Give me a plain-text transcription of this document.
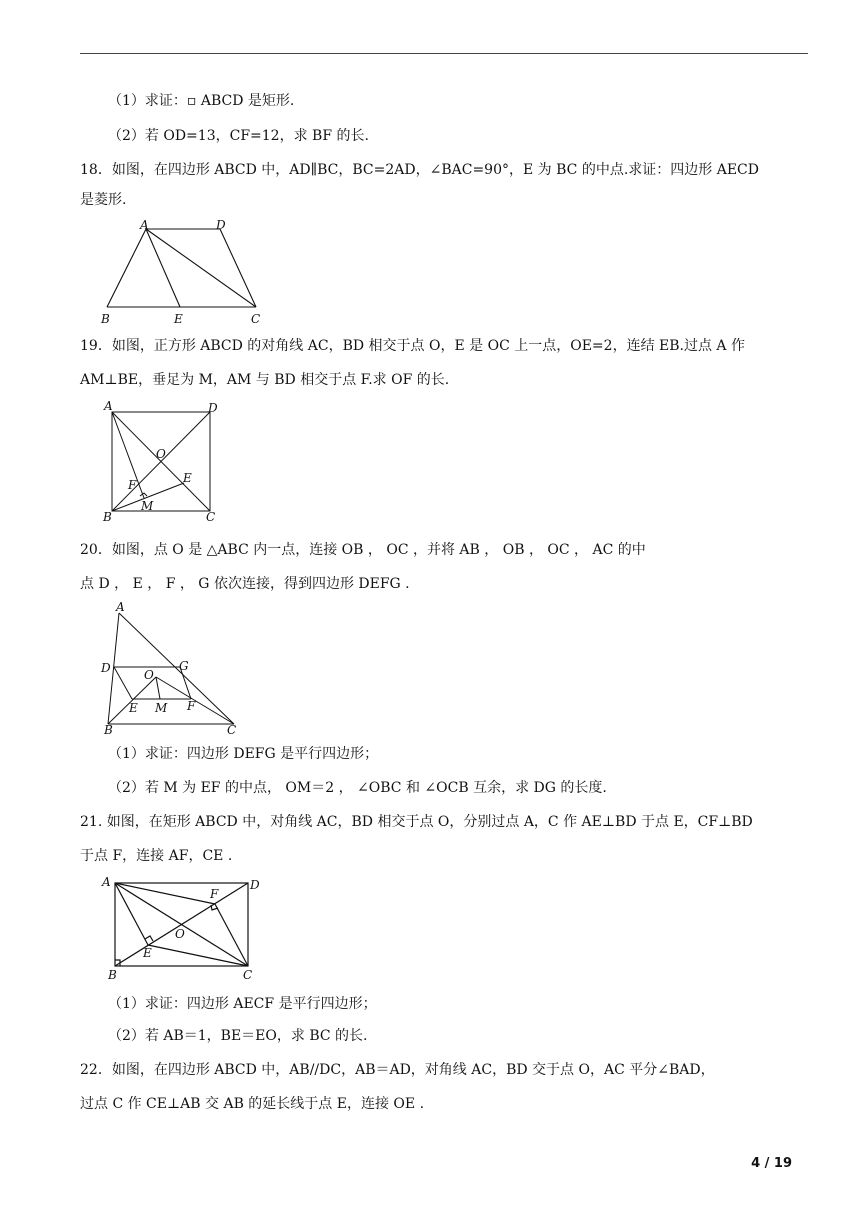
（1）求证：▫ ABCD 是矩形.
（2）若 OD=13，CF=12，求 BF 的长.
18．如图，在四边形 ABCD 中，AD∥BC，BC=2AD，∠BAC=90°，E 为 BC 的中点.求证：四边形 AECD
是菱形.
A	D
B	E	C
19．如图，正方形 ABCD 的对角线 AC，BD 相交于点 O，E 是 OC 上一点，OE=2，连结 EB.过点 A 作
AM⊥BE，垂足为 M，AM 与 BD 相交于点 F.求 OF 的长.
A	D
O
E
F
B
M
C
20．如图，点 O 是 △ABC 内一点，连接 OB ， OC ，并将 AB ， OB ， OC ， AC 的中
点 D ， E ， F ， G 依次连接，得到四边形 DEFG .
A
D	G
O
B
E M F
C
（1）求证：四边形 DEFG 是平行四边形；
（2）若 M 为 EF 的中点， OM＝2 ， ∠OBC 和 ∠OCB 互余，求 DG 的长度.
21. 如图，在矩形 ABCD 中，对角线 AC，BD 相交于点 O，分别过点 A，C 作 AE⊥BD 于点 E，CF⊥BD
于点 F，连接 AF，CE .
A	D
F
O
E
B	C
（1）求证：四边形 AECF 是平行四边形；
（2）若 AB＝1，BE＝EO，求 BC 的长.
22．如图，在四边形 ABCD 中，AB//DC，AB＝AD，对角线 AC，BD 交于点 O，AC 平分∠BAD，
过点 C 作 CE⊥AB 交 AB 的延长线于点 E，连接 OE .
4 / 19
